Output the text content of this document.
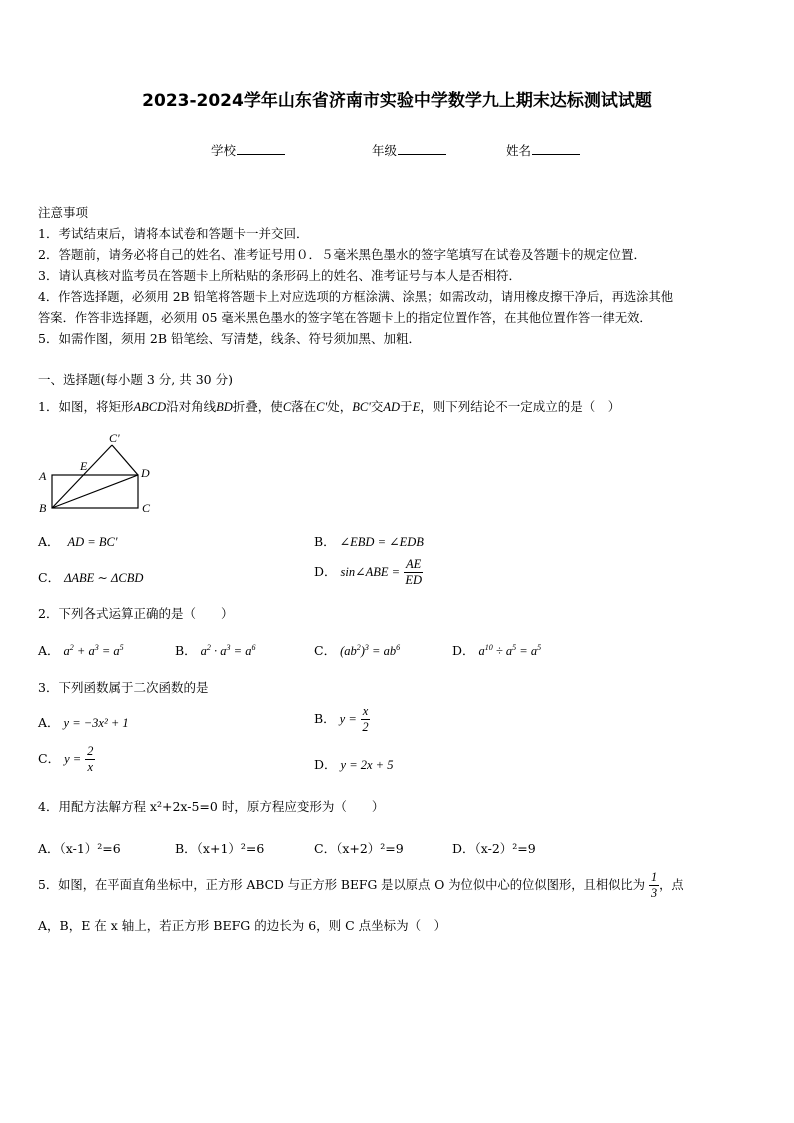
2023-2024学年山东省济南市实验中学数学九上期末达标测试试题
学校	年级	姓名
注意事项
1．考试结束后，请将本试卷和答题卡一并交回．
2．答题前，请务必将自己的姓名、准考证号用０．５毫米黑色墨水的签字笔填写在试卷及答题卡的规定位置．
3．请认真核对监考员在答题卡上所粘贴的条形码上的姓名、准考证号与本人是否相符．
4．作答选择题，必须用 2B 铅笔将答题卡上对应选项的方框涂满、涂黑；如需改动，请用橡皮擦干净后，再选涂其他
答案．作答非选择题，必须用 05 毫米黑色墨水的签字笔在答题卡上的指定位置作答，在其他位置作答一律无效．
5．如需作图，须用 2B 铅笔绘、写清楚，线条、符号须加黑、加粗．
一、选择题(每小题 3 分, 共 30 分)
1．如图，将矩形ABCD沿对角线BD折叠，使C落在C'处，BC'交AD于E，则下列结论不一定成立的是（　）
A
B	C
D
E
C'
A． AD = BC'	B． ∠EBD = ∠EDB
C． ΔABE ∼ ΔCBD	D． sin∠ABE = $\frac{AE}{ED}$
2．下列各式运算正确的是（　　）
A． $a^2 + a^3 = a^5$	B． $a^2 \cdot a^3 = a^6$	C． $(ab^2)^3 = ab^6$	D． $a^{10} \div a^5 = a^5$
3．下列函数属于二次函数的是
A． y = −3x² + 1	B． $y = \frac{x}{2}$
C． $y = \frac{2}{x}$	D． y = 2x + 5
4．用配方法解方程 x²+2x-5=0 时，原方程应变形为（　　）
A．（x-1）²=6	B．（x+1）²=6	C．（x+2）²=9	D．（x-2）²=9
5．如图，在平面直角坐标中，正方形 ABCD 与正方形 BEFG 是以原点 O 为位似中心的位似图形，且相似比为 $\frac{1}{3}$ ，点
A，B，E 在 x 轴上，若正方形 BEFG 的边长为 6，则 C 点坐标为（　）
